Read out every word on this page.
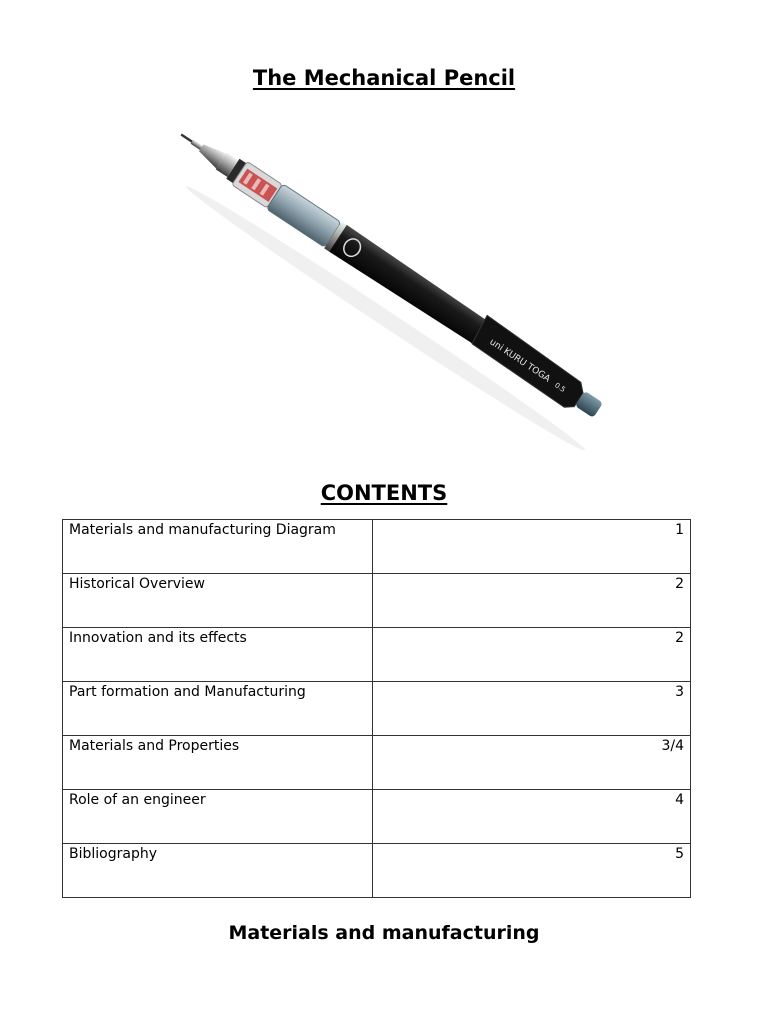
The Mechanical Pencil
uni KURU TOGA
0.5
CONTENTS
Materials and manufacturing Diagram	1
Historical Overview	2
Innovation and its effects	2
Part formation and Manufacturing	3
Materials and Properties	3/4
Role of an engineer	4
Bibliography	5
Materials and manufacturing
